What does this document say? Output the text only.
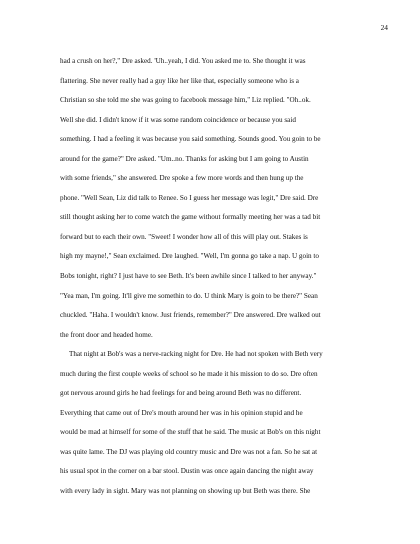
24
had a crush on her?," Dre asked. 'Uh..yeah, I did. You asked me to. She thought it was
flattering. She never really had a guy like her like that, especially someone who is a
Christian so she told me she was going to facebook message him," Liz replied. "Oh..ok.
Well she did. I didn't know if it was some random coincidence or because you said
something. I had a feeling it was because you said something. Sounds good. You goin to be
around for the game?" Dre asked. "Um..no. Thanks for asking but I am going to Austin
with some friends," she answered. Dre spoke a few more words and then hung up the
phone. "Well Sean, Liz did talk to Renee. So I guess her message was legit," Dre said. Dre
still thought asking her to come watch the game without formally meeting her was a tad bit
forward but to each their own. "Sweet! I wonder how all of this will play out. Stakes is
high my mayne!," Sean exclaimed. Dre laughed. "Well, I'm gonna go take a nap. U goin to
Bobs tonight, right? I just have to see Beth. It's been awhile since I talked to her anyway."
"Yea man, I'm going. It'll give me somethin to do. U think Mary is goin to be there?" Sean
chuckled. "Haha. I wouldn't know. Just friends, remember?" Dre answered. Dre walked out
the front door and headed home.
That night at Bob's was a nerve-racking night for Dre. He had not spoken with Beth very
much during the first couple weeks of school so he made it his mission to do so. Dre often
got nervous around girls he had feelings for and being around Beth was no different.
Everything that came out of Dre's mouth around her was in his opinion stupid and he
would be mad at himself for some of the stuff that he said. The music at Bob's on this night
was quite lame. The DJ was playing old country music and Dre was not a fan. So he sat at
his usual spot in the corner on a bar stool. Dustin was once again dancing the night away
with every lady in sight. Mary was not planning on showing up but Beth was there. She
